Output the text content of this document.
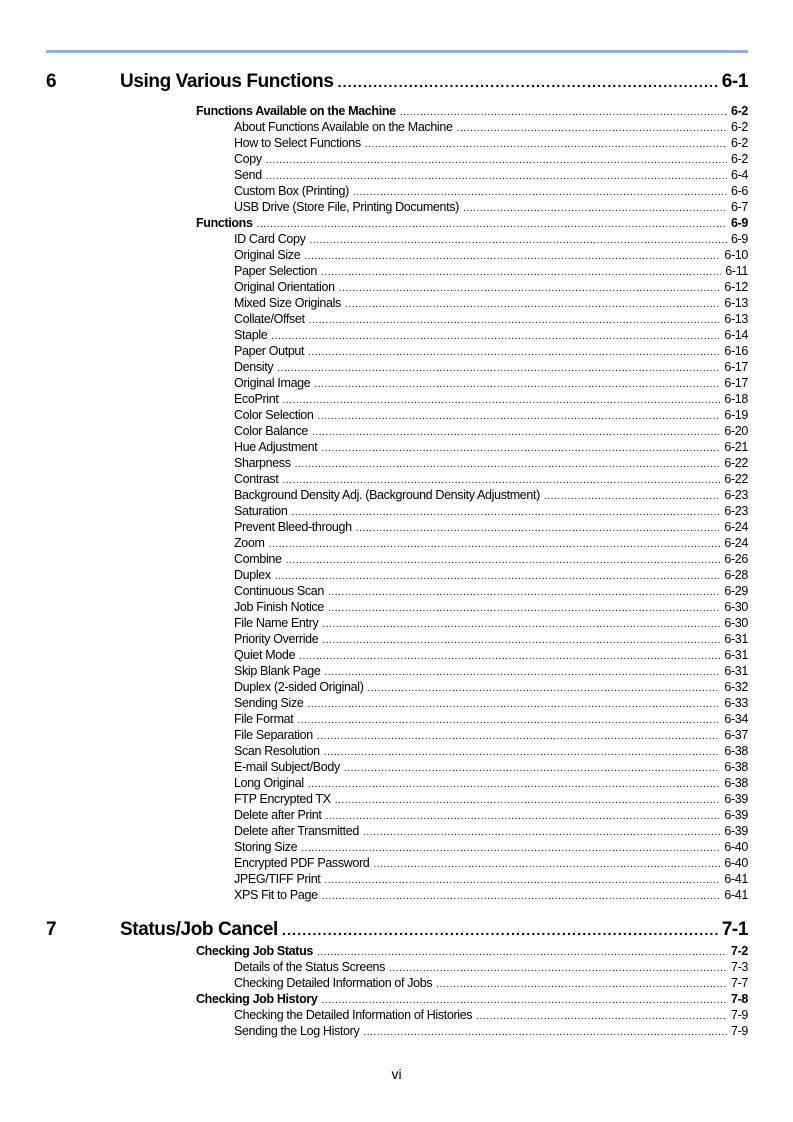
6	Using Various Functions .....	6-1
Functions Available on the Machine .....	6-2
About Functions Available on the Machine .....	6-2
How to Select Functions .....	6-2
Copy .....	6-2
Send .....	6-4
Custom Box (Printing) .....	6-6
USB Drive (Store File, Printing Documents) .....	6-7
Functions .....	6-9
ID Card Copy .....	6-9
Original Size .....	6-10
Paper Selection .....	6-11
Original Orientation .....	6-12
Mixed Size Originals .....	6-13
Collate/Offset .....	6-13
Staple .....	6-14
Paper Output .....	6-16
Density .....	6-17
Original Image .....	6-17
EcoPrint .....	6-18
Color Selection .....	6-19
Color Balance .....	6-20
Hue Adjustment .....	6-21
Sharpness .....	6-22
Contrast .....	6-22
Background Density Adj. (Background Density Adjustment) .....	6-23
Saturation .....	6-23
Prevent Bleed-through .....	6-24
Zoom .....	6-24
Combine .....	6-26
Duplex .....	6-28
Continuous Scan .....	6-29
Job Finish Notice .....	6-30
File Name Entry .....	6-30
Priority Override .....	6-31
Quiet Mode .....	6-31
Skip Blank Page .....	6-31
Duplex (2-sided Original) .....	6-32
Sending Size .....	6-33
File Format .....	6-34
File Separation .....	6-37
Scan Resolution .....	6-38
E-mail Subject/Body .....	6-38
Long Original .....	6-38
FTP Encrypted TX .....	6-39
Delete after Print .....	6-39
Delete after Transmitted .....	6-39
Storing Size .....	6-40
Encrypted PDF Password .....	6-40
JPEG/TIFF Print .....	6-41
XPS Fit to Page .....	6-41
7	Status/Job Cancel .....	7-1
Checking Job Status .....	7-2
Details of the Status Screens .....	7-3
Checking Detailed Information of Jobs .....	7-7
Checking Job History .....	7-8
Checking the Detailed Information of Histories .....	7-9
Sending the Log History .....	7-9
vi
